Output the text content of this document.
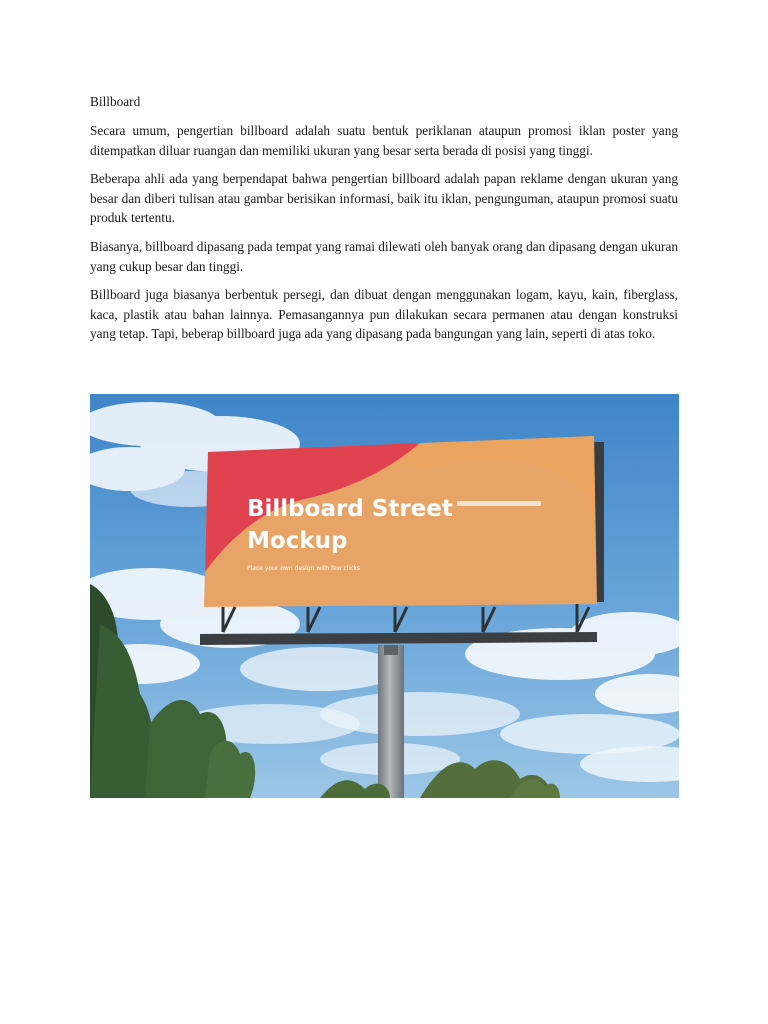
Billboard

Secara umum, pengertian billboard adalah suatu bentuk periklanan ataupun promosi iklan poster yang ditempatkan diluar ruangan dan memiliki ukuran yang besar serta berada di posisi yang tinggi.

Beberapa ahli ada yang berpendapat bahwa pengertian billboard adalah papan reklame dengan ukuran yang besar dan diberi tulisan atau gambar berisikan informasi, baik itu iklan, pengunguman, ataupun promosi suatu produk tertentu.

Biasanya, billboard dipasang pada tempat yang ramai dilewati oleh banyak orang dan dipasang dengan ukuran yang cukup besar dan tinggi.

Billboard juga biasanya berbentuk persegi, dan dibuat dengan menggunakan logam, kayu, kain, fiberglass, kaca, plastik atau bahan lainnya. Pemasangannya pun dilakukan secara permanen atau dengan konstruksi yang tetap. Tapi, beberap billboard juga ada yang dipasang pada bangungan yang lain, seperti di atas toko.

Billboard Street
Mockup
Place your own design with few clicks
